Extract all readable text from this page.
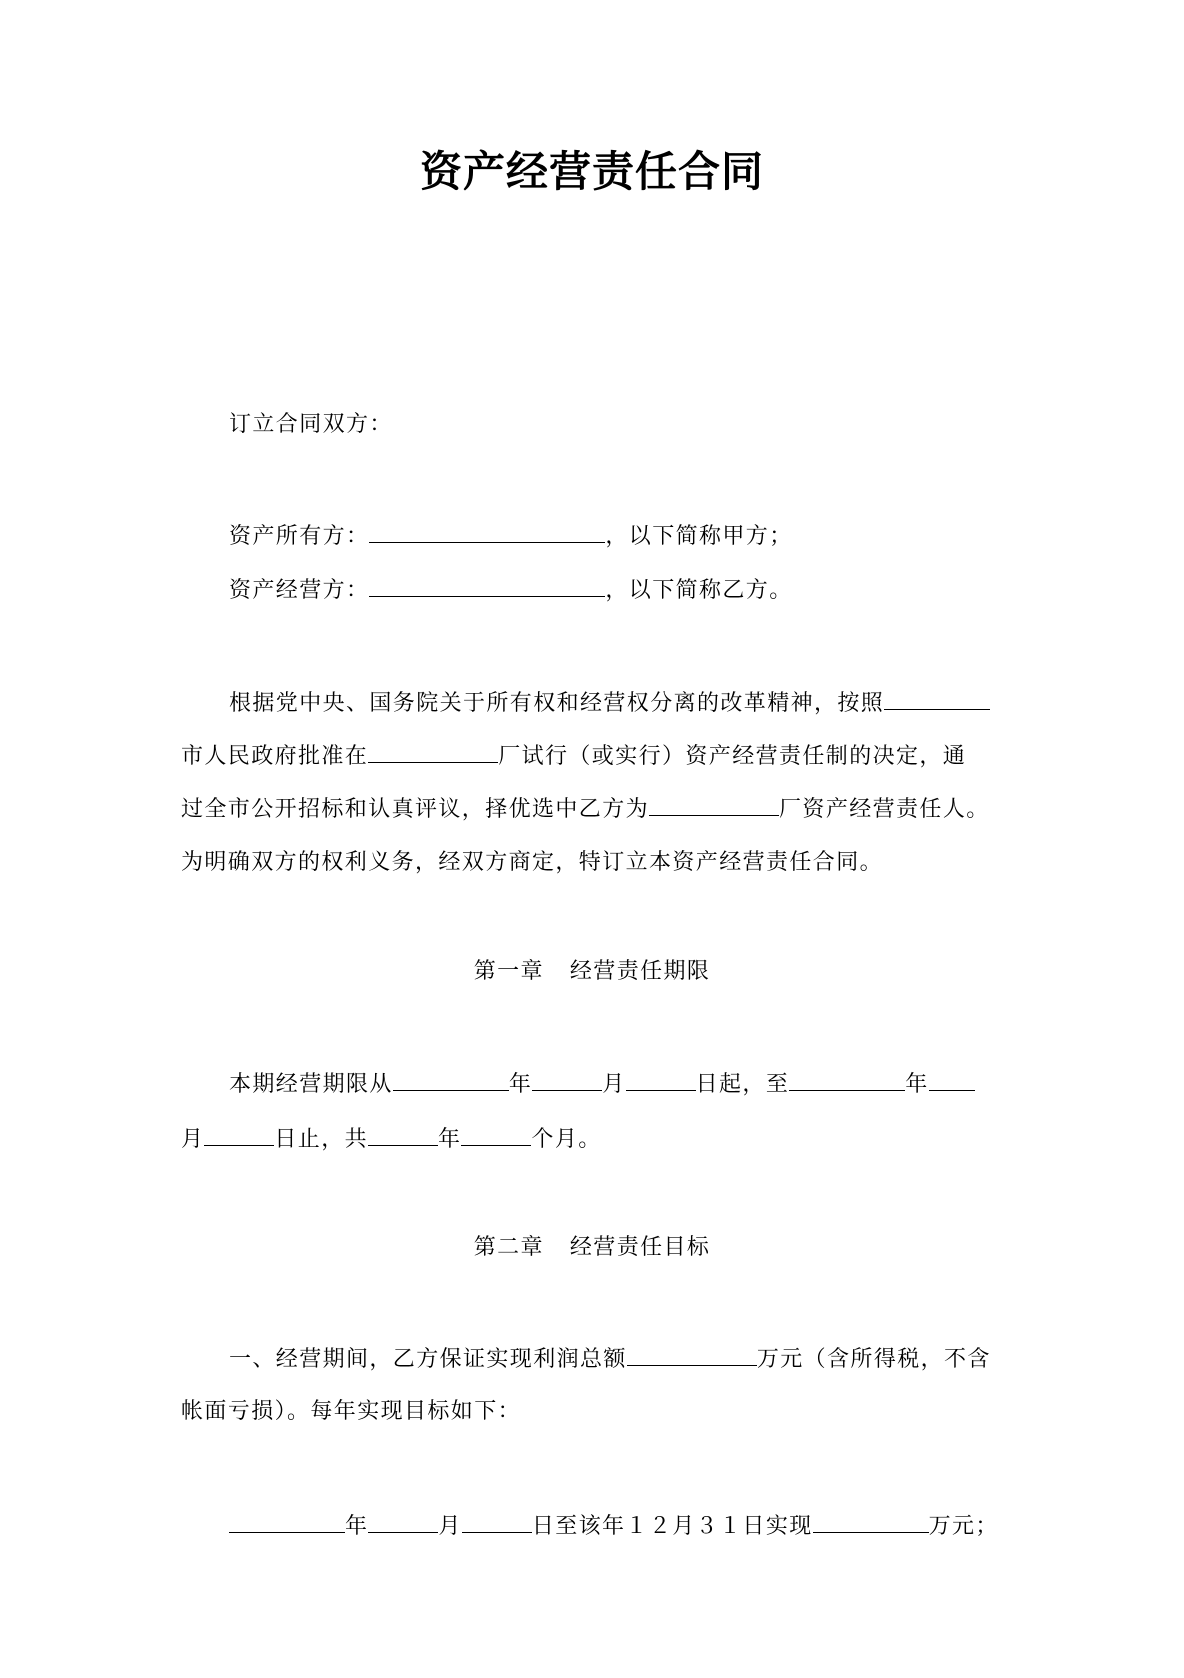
资产经营责任合同
订立合同双方：
资产所有方：	，以下简称甲方；
资产经营方：	，以下简称乙方。
根据党中央、国务院关于所有权和经营权分离的改革精神，按照
市人民政府批准在	厂试行（或实行）资产经营责任制的决定，通
过全市公开招标和认真评议，择优选中乙方为	厂资产经营责任人。
为明确双方的权利义务，经双方商定，特订立本资产经营责任合同。
第一章 经营责任期限
本期经营期限从	年	月	日起，至	年
月	日止，共	年	个月。
第二章 经营责任目标
一、经营期间，乙方保证实现利润总额	万元（含所得税，不含
帐面亏损）。每年实现目标如下：
年	月	日至该年１２月３１日实现	万元；
